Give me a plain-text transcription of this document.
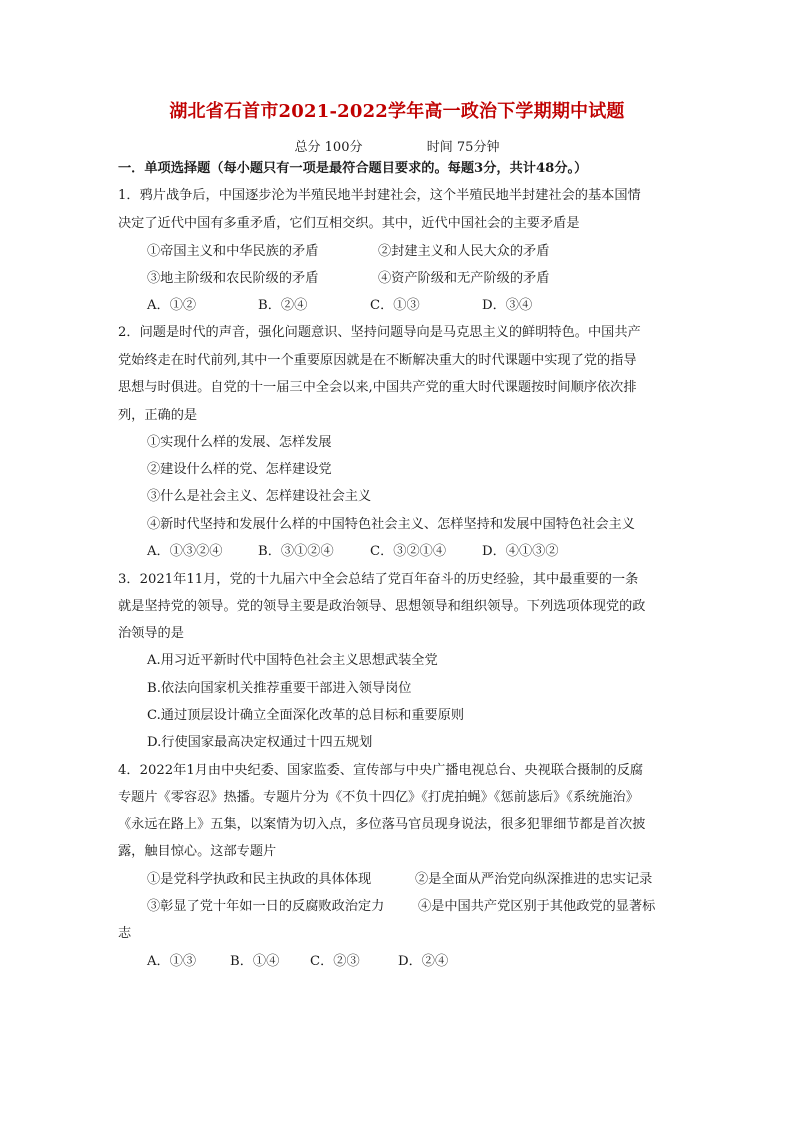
湖北省石首市2021-2022学年高一政治下学期期中试题
总分 100分	时间 75分钟
一．单项选择题（每小题只有一项是最符合题目要求的。每题3分，共计48分。）
1．鸦片战争后，中国逐步沦为半殖民地半封建社会，这个半殖民地半封建社会的基本国情
决定了近代中国有多重矛盾，它们互相交织。其中，近代中国社会的主要矛盾是
①帝国主义和中华民族的矛盾	②封建主义和人民大众的矛盾
③地主阶级和农民阶级的矛盾	④资产阶级和无产阶级的矛盾
A．①②	B．②④	C．①③	D．③④
2．问题是时代的声音，强化问题意识、坚持问题导向是马克思主义的鲜明特色。中国共产
党始终走在时代前列,其中一个重要原因就是在不断解决重大的时代课题中实现了党的指导
思想与时俱进。自党的十一届三中全会以来,中国共产党的重大时代课题按时间顺序依次排
列，正确的是
①实现什么样的发展、怎样发展
②建设什么样的党、怎样建设党
③什么是社会主义、怎样建设社会主义
④新时代坚持和发展什么样的中国特色社会主义、怎样坚持和发展中国特色社会主义
A．①③②④	B．③①②④	C．③②①④	D．④①③②
3．2021年11月，党的十九届六中全会总结了党百年奋斗的历史经验，其中最重要的一条
就是坚持党的领导。党的领导主要是政治领导、思想领导和组织领导。下列选项体现党的政
治领导的是
A.用习近平新时代中国特色社会主义思想武装全党
B.依法向国家机关推荐重要干部进入领导岗位
C.通过顶层设计确立全面深化改革的总目标和重要原则
D.行使国家最高决定权通过十四五规划
4．2022年1月由中央纪委、国家监委、宣传部与中央广播电视总台、央视联合摄制的反腐
专题片《零容忍》热播。专题片分为《不负十四亿》《打虎拍蝇》《惩前毖后》《系统施治》
《永远在路上》五集，以案情为切入点，多位落马官员现身说法，很多犯罪细节都是首次披
露，触目惊心。这部专题片
①是党科学执政和民主执政的具体体现	②是全面从严治党向纵深推进的忠实记录
③彰显了党十年如一日的反腐败政治定力	④是中国共产党区别于其他政党的显著标
志
A．①③	B．①④ C．②③	D．②④
